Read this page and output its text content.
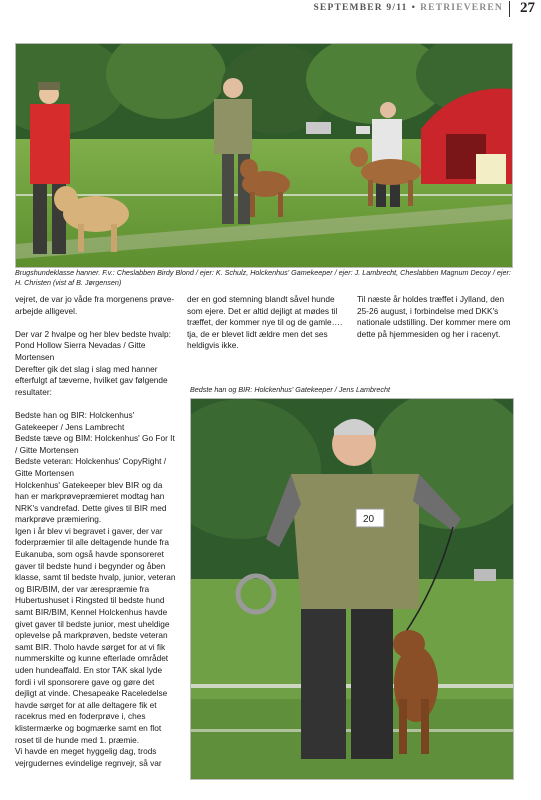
SEPTEMBER 9/11 • RETRIEVEREN 27
Brugshundeklasse hanner. F.v.: Cheslabben Birdy Blond / ejer: K. Schulz, Holckenhus' Gamekeeper / ejer: J. Lambrecht, Cheslabben Magnum Decoy / ejer: H. Christen (vist af B. Jørgensen)

vejret, de var jo våde fra morgenens prøve-arbejde alligevel.

Der var 2 hvalpe og her blev bedste hvalp: Pond Hollow Sierra Nevadas / Gitte Mortensen

Derefter gik det slag i slag med hanner efterfulgt af tæverne, hvilket gav følgende resultater:

Bedste han og BIR: Holckenhus' Gatekeeper / Jens Lambrecht

Bedste tæve og BIM: Holckenhus' Go For It / Gitte Mortensen

Bedste veteran: Holckenhus' CopyRight / Gitte Mortensen

Holckenhus' Gatekeeper blev BIR og da han er markprøvepræmieret modtag han NRK's vandrefad. Dette gives til BIR med markprøve præmiering.

Igen i år blev vi begravet i gaver, der var foderpræmier til alle deltagende hunde fra Eukanuba, som også havde sponsoreret gaver til bedste hund i begynder og åben klasse, samt til bedste hvalp, junior, veteran og BIR/BIM, der var ærespræmie fra Hubertushuset i Ringsted til bedste hund samt BIR/BIM, Kennel Holckenhus havde givet gaver til bedste junior, mest uheldige oplevelse på markprøven, bedste veteran samt BIR. Tholo havde sørget for at vi fik nummerskilte og kunne efterlade området uden hundeaffald. En stor TAK skal lyde fordi i vil sponsorere gave og gøre det dejligt at vinde. Chesapeake Raceledelse havde sørget for at alle deltagere fik et racekrus med en foderprøve i, ches klistermærke og bogmærke samt en flot roset til de hunde med 1. præmie.

Vi havde en meget hyggelig dag, trods vejrgudernes evindelige regnvejr, så var

der en god stemning blandt såvel hunde som ejere. Det er altid dejligt at mødes til træffet, der kommer nye til og de gamle…. tja, de er blevet lidt ældre men det ses heldigvis ikke.

Til næste år holdes træffet i Jylland, den 25-26 august, i forbindelse med DKK's nationale udstilling. Der kommer mere om dette på hjemmesiden og her i racenyt.

Bedste han og BIR: Holckenhus' Gatekeeper / Jens Lambrecht
20
